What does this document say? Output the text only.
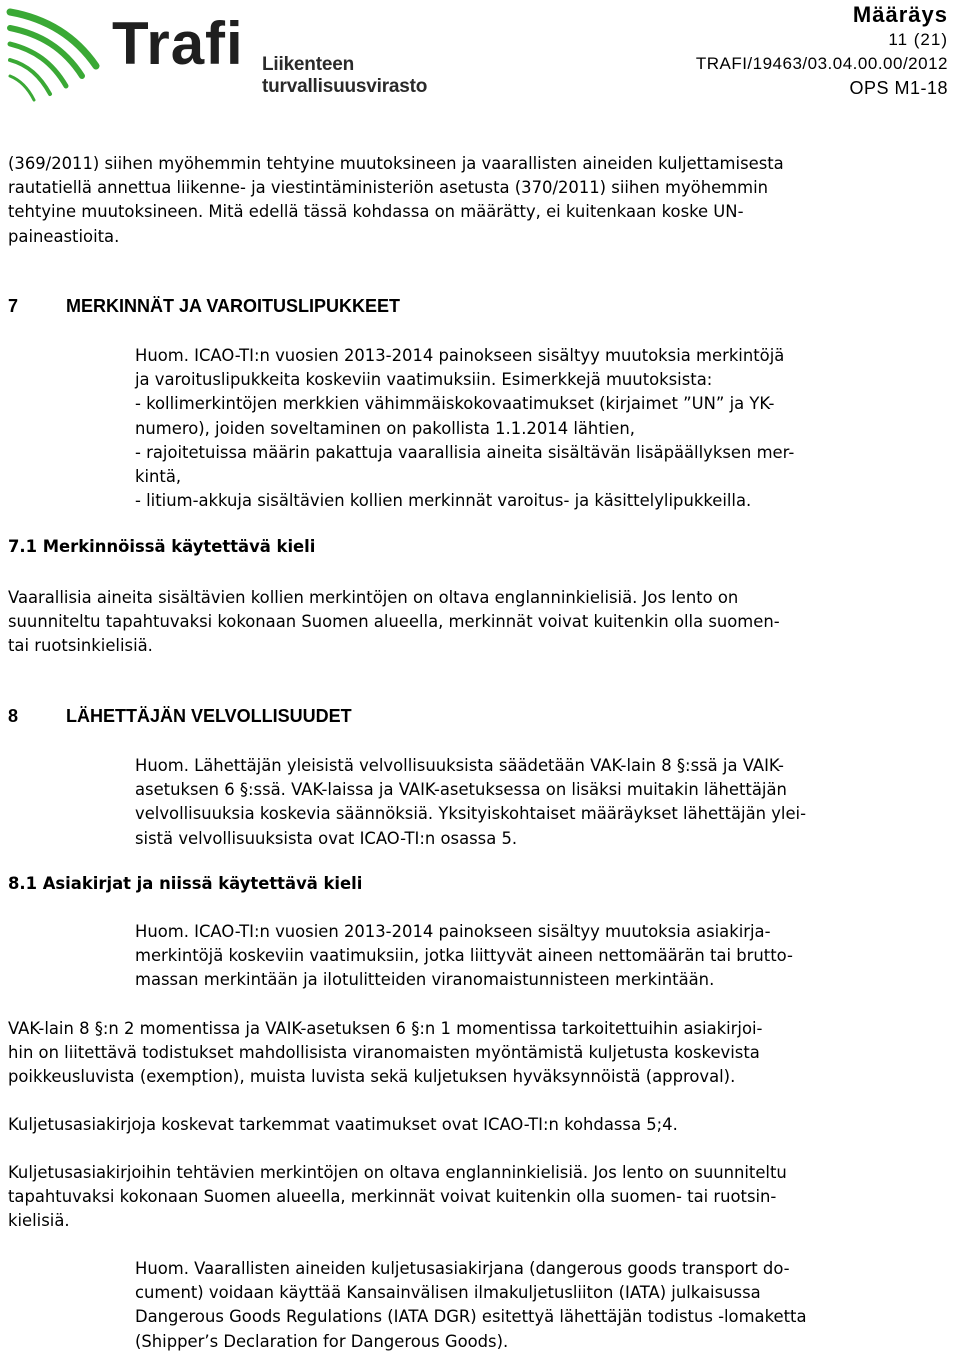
Trafi Liikenteen turvallisuusvirasto
Määräys
11 (21)
TRAFI/19463/03.04.00.00/2012
OPS M1-18

(369/2011) siihen myöhemmin tehtyine muutoksineen ja vaarallisten aineiden kuljettamisesta
rautatiellä annettua liikenne- ja viestintäministeriön asetusta (370/2011) siihen myöhemmin
tehtyine muutoksineen. Mitä edellä tässä kohdassa on määrätty, ei kuitenkaan koske UN-
paineastioita.

7	MERKINNÄT JA VAROITUSLIPUKKEET

Huom. ICAO-TI:n vuosien 2013-2014 painokseen sisältyy muutoksia merkintöjä
ja varoituslipukkeita koskeviin vaatimuksiin. Esimerkkejä muutoksista:
- kollimerkintöjen merkkien vähimmäiskokovaatimukset (kirjaimet ”UN” ja YK-
numero), joiden soveltaminen on pakollista 1.1.2014 lähtien,
- rajoitetuissa määrin pakattuja vaarallisia aineita sisältävän lisäpäällyksen mer-
kintä,
- litium-akkuja sisältävien kollien merkinnät varoitus- ja käsittelylipukkeilla.

7.1 Merkinnöissä käytettävä kieli

Vaarallisia aineita sisältävien kollien merkintöjen on oltava englanninkielisiä. Jos lento on
suunniteltu tapahtuvaksi kokonaan Suomen alueella, merkinnät voivat kuitenkin olla suomen-
tai ruotsinkielisiä.

8	LÄHETTÄJÄN VELVOLLISUUDET

Huom. Lähettäjän yleisistä velvollisuuksista säädetään VAK-lain 8 §:ssä ja VAIK-
asetuksen 6 §:ssä. VAK-laissa ja VAIK-asetuksessa on lisäksi muitakin lähettäjän
velvollisuuksia koskevia säännöksiä. Yksityiskohtaiset määräykset lähettäjän ylei-
sistä velvollisuuksista ovat ICAO-TI:n osassa 5.

8.1 Asiakirjat ja niissä käytettävä kieli

Huom. ICAO-TI:n vuosien 2013-2014 painokseen sisältyy muutoksia asiakirja-
merkintöjä koskeviin vaatimuksiin, jotka liittyvät aineen nettomäärän tai brutto-
massan merkintään ja ilotulitteiden viranomaistunnisteen merkintään.

VAK-lain 8 §:n 2 momentissa ja VAIK-asetuksen 6 §:n 1 momentissa tarkoitettuihin asiakirjoi-
hin on liitettävä todistukset mahdollisista viranomaisten myöntämistä kuljetusta koskevista
poikkeusluvista (exemption), muista luvista sekä kuljetuksen hyväksynnöistä (approval).

Kuljetusasiakirjoja koskevat tarkemmat vaatimukset ovat ICAO-TI:n kohdassa 5;4.

Kuljetusasiakirjoihin tehtävien merkintöjen on oltava englanninkielisiä. Jos lento on suunniteltu
tapahtuvaksi kokonaan Suomen alueella, merkinnät voivat kuitenkin olla suomen- tai ruotsin-
kielisiä.

Huom. Vaarallisten aineiden kuljetusasiakirjana (dangerous goods transport do-
cument) voidaan käyttää Kansainvälisen ilmakuljetusliiton (IATA) julkaisussa
Dangerous Goods Regulations (IATA DGR) esitettyä lähettäjän todistus -lomaketta
(Shipper’s Declaration for Dangerous Goods).
